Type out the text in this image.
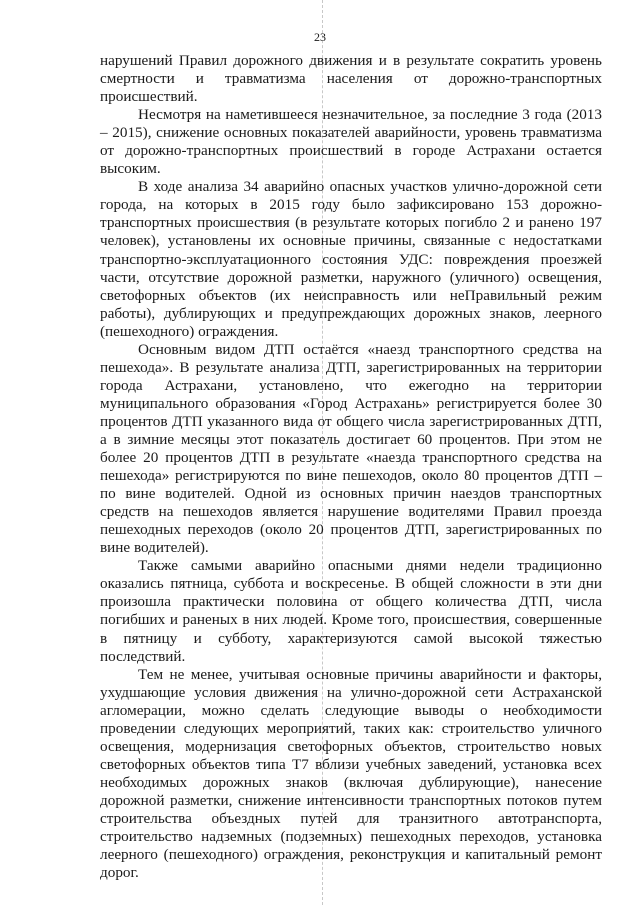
23

нарушений Правил дорожного движения и в результате сократить уровень смертности и травматизма населения от дорожно-транспортных происшествий.

Несмотря на наметившееся незначительное, за последние 3 года (2013 – 2015), снижение основных показателей аварийности, уровень травматизма от дорожно-транспортных происшествий в городе Астрахани остается высоким.

В ходе анализа 34 аварийно опасных участков улично-дорожной сети города, на которых в 2015 году было зафиксировано 153 дорожно-транспортных происшествия (в результате которых погибло 2 и ранено 197 человек), установлены их основные причины, связанные с недостатками транспортно-эксплуатационного состояния УДС: повреждения проезжей части, отсутствие дорожной разметки, наружного (уличного) освещения, светофорных объектов (их неисправность или неПравильный режим работы), дублирующих и предупреждающих дорожных знаков, леерного (пешеходного) ограждения.

Основным видом ДТП остаётся «наезд транспортного средства на пешехода». В результате анализа ДТП, зарегистрированных на территории города Астрахани, установлено, что ежегодно на территории муниципального образования «Город Астрахань» регистрируется более 30 процентов ДТП указанного вида от общего числа зарегистрированных ДТП, а в зимние месяцы этот показатель достигает 60 процентов. При этом не более 20 процентов ДТП в результате «наезда транспортного средства на пешехода» регистрируются по вине пешеходов, около 80 процентов ДТП – по вине водителей. Одной из основных причин наездов транспортных средств на пешеходов является нарушение водителями Правил проезда пешеходных переходов (около 20 процентов ДТП, зарегистрированных по вине водителей).

Также самыми аварийно опасными днями недели традиционно оказались пятница, суббота и воскресенье. В общей сложности в эти дни произошла практически половина от общего количества ДТП, числа погибших и раненых в них людей. Кроме того, происшествия, совершенные в пятницу и субботу, характеризуются самой высокой тяжестью последствий.

Тем не менее, учитывая основные причины аварийности и факторы, ухудшающие условия движения на улично-дорожной сети Астраханской агломерации, можно сделать следующие выводы о необходимости проведении следующих мероприятий, таких как: строительство уличного освещения, модернизация светофорных объектов, строительство новых светофорных объектов типа Т7 вблизи учебных заведений, установка всех необходимых дорожных знаков (включая дублирующие), нанесение дорожной разметки, снижение интенсивности транспортных потоков путем строительства объездных путей для транзитного автотранспорта, строительство надземных (подземных) пешеходных переходов, установка леерного (пешеходного) ограждения, реконструкция и капитальный ремонт дорог.
